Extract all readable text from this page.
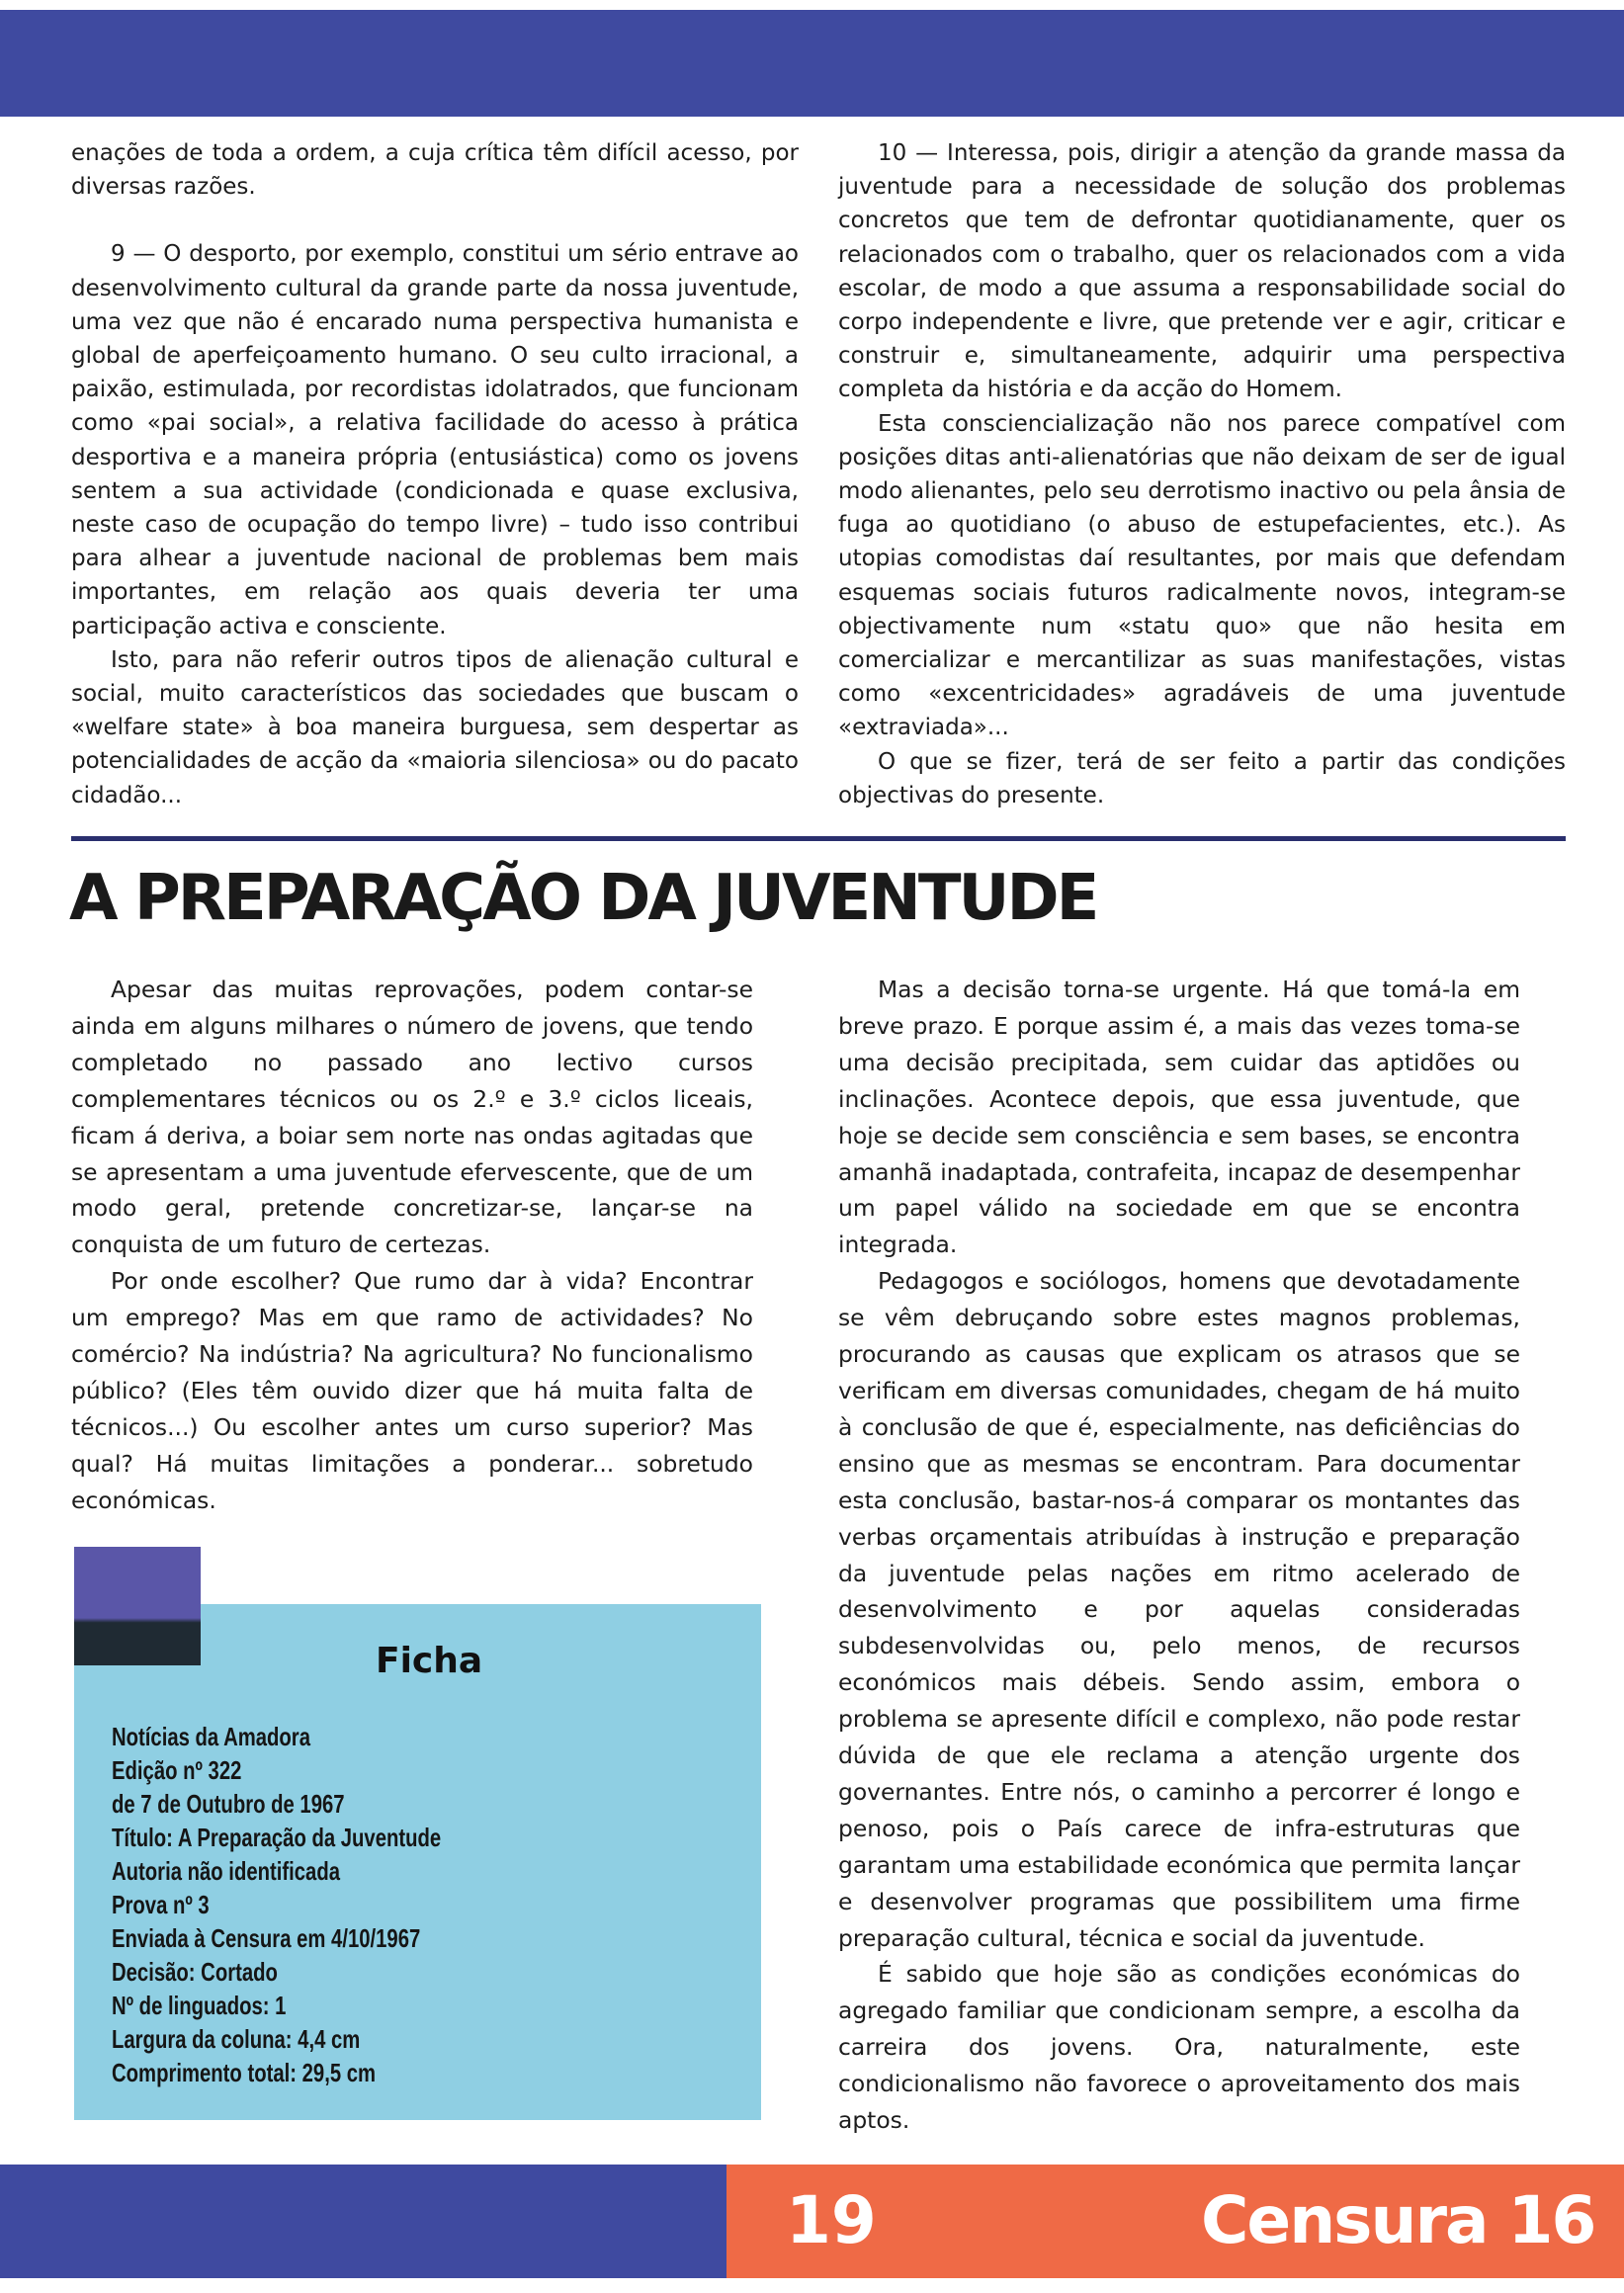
enações de toda a ordem, a cuja crítica têm difícil acesso, por diversas razões.

9 — O desporto, por exemplo, constitui um sério entrave ao desenvolvimento cultural da grande parte da nossa juventude, uma vez que não é encarado numa perspectiva humanista e global de aperfeiçoamento humano. O seu culto irracional, a paixão, estimulada, por recordistas idolatrados, que funcionam como «pai social», a relativa facilidade do acesso à prática desportiva e a maneira própria (entusiástica) como os jovens sentem a sua actividade (condicionada e quase exclusiva, neste caso de ocupação do tempo livre) – tudo isso contribui para alhear a juventude nacional de problemas bem mais importantes, em relação aos quais deveria ter uma participação activa e consciente.

Isto, para não referir outros tipos de alienação cultural e social, muito característicos das sociedades que buscam o «welfare state» à boa maneira burguesa, sem despertar as potencialidades de acção da «maioria silenciosa» ou do pacato cidadão...

10 — Interessa, pois, dirigir a atenção da grande massa da juventude para a necessidade de solução dos problemas concretos que tem de defrontar quotidianamente, quer os relacionados com o trabalho, quer os relacionados com a vida escolar, de modo a que assuma a responsabilidade social do corpo independente e livre, que pretende ver e agir, criticar e construir e, simultaneamente, adquirir uma perspectiva completa da história e da acção do Homem.

Esta consciencialização não nos parece compatível com posições ditas anti-alienatórias que não deixam de ser de igual modo alienantes, pelo seu derrotismo inactivo ou pela ânsia de fuga ao quotidiano (o abuso de estupefacientes, etc.). As utopias comodistas daí resultantes, por mais que defendam esquemas sociais futuros radicalmente novos, integram-se objectivamente num «statu quo» que não hesita em comercializar e mercantilizar as suas manifestações, vistas como «excentricidades» agradáveis de uma juventude «extraviada»...

O que se fizer, terá de ser feito a partir das condições objectivas do presente.

A PREPARAÇÃO DA JUVENTUDE

Apesar das muitas reprovações, podem contar-se ainda em alguns milhares o número de jovens, que tendo completado no passado ano lectivo cursos complementares técnicos ou os 2.º e 3.º ciclos liceais, ficam á deriva, a boiar sem norte nas ondas agitadas que se apresentam a uma juventude efervescente, que de um modo geral, pretende concretizar-se, lançar-se na conquista de um futuro de certezas.

Por onde escolher? Que rumo dar à vida? Encontrar um emprego? Mas em que ramo de actividades? No comércio? Na indústria? Na agricultura? No funcionalismo público? (Eles têm ouvido dizer que há muita falta de técnicos...) Ou escolher antes um curso superior? Mas qual? Há muitas limitações a ponderar... sobretudo económicas.

Mas a decisão torna-se urgente. Há que tomá-la em breve prazo. E porque assim é, a mais das vezes toma-se uma decisão precipitada, sem cuidar das aptidões ou inclinações. Acontece depois, que essa juventude, que hoje se decide sem consciência e sem bases, se encontra amanhã inadaptada, contrafeita, incapaz de desempenhar um papel válido na sociedade em que se encontra integrada.

Pedagogos e sociólogos, homens que devotadamente se vêm debruçando sobre estes magnos problemas, procurando as causas que explicam os atrasos que se verificam em diversas comunidades, chegam de há muito à conclusão de que é, especialmente, nas deficiências do ensino que as mesmas se encontram. Para documentar esta conclusão, bastar-nos-á comparar os montantes das verbas orçamentais atribuídas à instrução e preparação da juventude pelas nações em ritmo acelerado de desenvolvimento e por aquelas consideradas subdesenvolvidas ou, pelo menos, de recursos económicos mais débeis. Sendo assim, embora o problema se apresente difícil e complexo, não pode restar dúvida de que ele reclama a atenção urgente dos governantes. Entre nós, o caminho a percorrer é longo e penoso, pois o País carece de infra-estruturas que garantam uma estabilidade económica que permita lançar e desenvolver programas que possibilitem uma firme preparação cultural, técnica e social da juventude.

É sabido que hoje são as condições económicas do agregado familiar que condicionam sempre, a escolha da carreira dos jovens. Ora, naturalmente, este condicionalismo não favorece o aproveitamento dos mais aptos.

Ficha
Notícias da Amadora
Edição nº 322
de 7 de Outubro de 1967
Título: A Preparação da Juventude
Autoria não identificada
Prova nº 3
Enviada à Censura em 4/10/1967
Decisão: Cortado
Nº de linguados: 1
Largura da coluna: 4,4 cm
Comprimento total: 29,5 cm
19	Censura 16
